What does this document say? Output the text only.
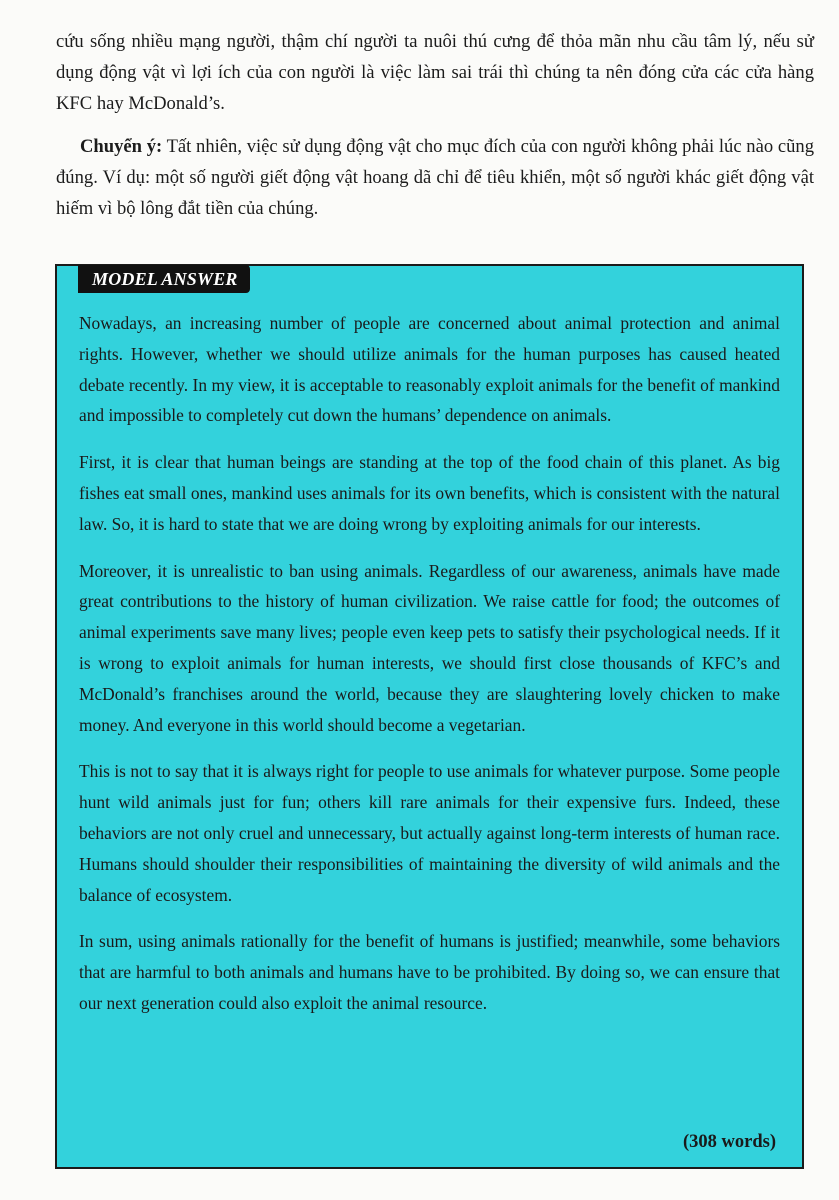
cứu sống nhiều mạng người, thậm chí người ta nuôi thú cưng để thỏa mãn nhu cầu tâm lý, nếu sử dụng động vật vì lợi ích của con người là việc làm sai trái thì chúng ta nên đóng cửa các cửa hàng KFC hay McDonald’s.

Chuyển ý: Tất nhiên, việc sử dụng động vật cho mục đích của con người không phải lúc nào cũng đúng. Ví dụ: một số người giết động vật hoang dã chỉ để tiêu khiển, một số người khác giết động vật hiếm vì bộ lông đắt tiền của chúng.

MODEL ANSWER

Nowadays, an increasing number of people are concerned about animal protection and animal rights. However, whether we should utilize animals for the human purposes has caused heated debate recently. In my view, it is acceptable to reasonably exploit animals for the benefit of mankind and impossible to completely cut down the humans’ dependence on animals.

First, it is clear that human beings are standing at the top of the food chain of this planet. As big fishes eat small ones, mankind uses animals for its own benefits, which is consistent with the natural law. So, it is hard to state that we are doing wrong by exploiting animals for our interests.

Moreover, it is unrealistic to ban using animals. Regardless of our awareness, animals have made great contributions to the history of human civilization. We raise cattle for food; the outcomes of animal experiments save many lives; people even keep pets to satisfy their psychological needs. If it is wrong to exploit animals for human interests, we should first close thousands of KFC’s and McDonald’s franchises around the world, because they are slaughtering lovely chicken to make money. And everyone in this world should become a vegetarian.

This is not to say that it is always right for people to use animals for whatever purpose. Some people hunt wild animals just for fun; others kill rare animals for their expensive furs. Indeed, these behaviors are not only cruel and unnecessary, but actually against long-term interests of human race. Humans should shoulder their responsibilities of maintaining the diversity of wild animals and the balance of ecosystem.

In sum, using animals rationally for the benefit of humans is justified; meanwhile, some behaviors that are harmful to both animals and humans have to be prohibited. By doing so, we can ensure that our next generation could also exploit the animal resource.

(308 words)
